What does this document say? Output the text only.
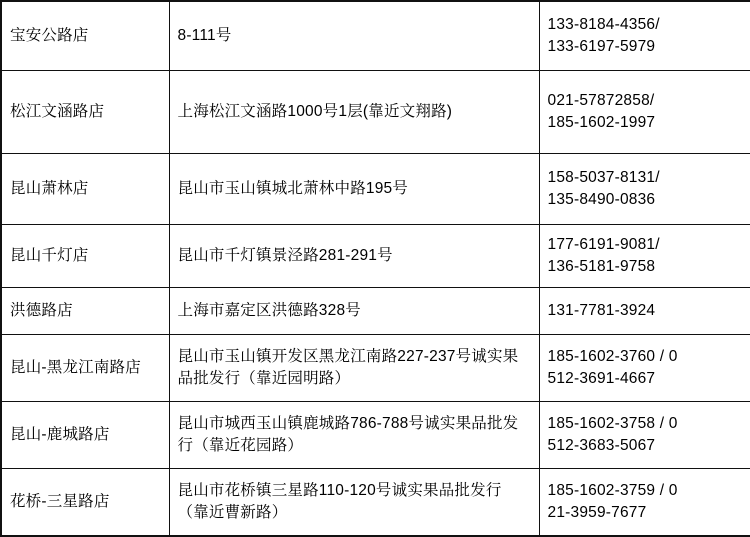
宝安公路店	8-111号	133-8184-4356/
133-6197-5979

松江文涵路店	上海松江文涵路1000号1层(靠近文翔路)	021-57872858/
185-1602-1997

昆山萧林店	昆山市玉山镇城北萧林中路195号	158-5037-8131/
135-8490-0836

昆山千灯店	昆山市千灯镇景泾路281-291号	177-6191-9081/
136-5181-9758

洪德路店	上海市嘉定区洪德路328号	131-7781-3924

昆山-黑龙江南路店	昆山市玉山镇开发区黑龙江南路227-237号诚实果品批发行（靠近园明路）	185-1602-3760 / 0
512-3691-4667

昆山-鹿城路店	昆山市城西玉山镇鹿城路786-788号诚实果品批发行（靠近花园路）	185-1602-3758 / 0
512-3683-5067

花桥-三星路店	昆山市花桥镇三星路110-120号诚实果品批发行（靠近曹新路）	185-1602-3759 / 0
21-3959-7677
